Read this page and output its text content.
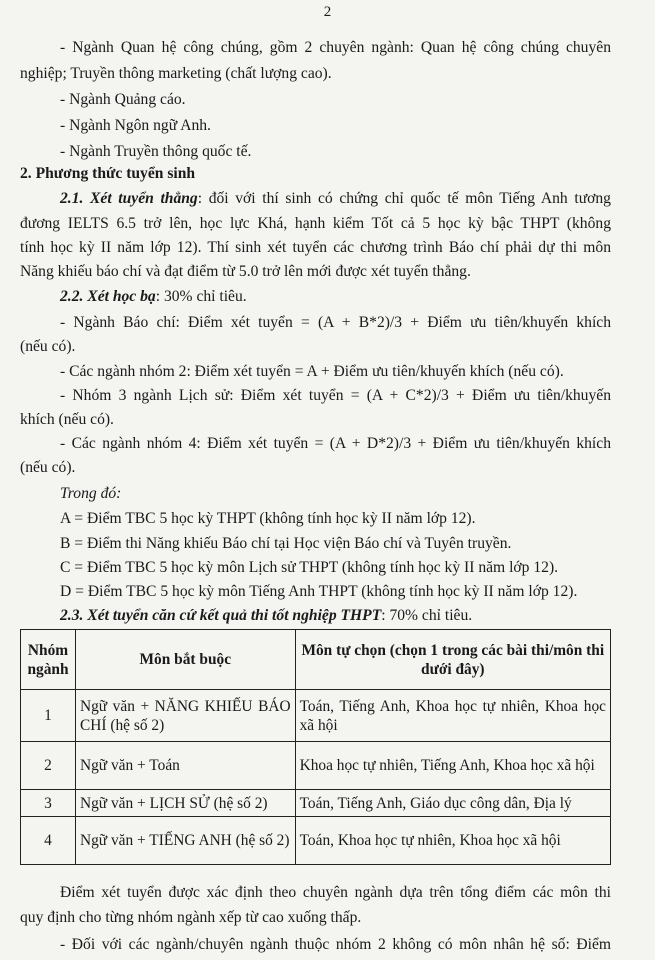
2
- Ngành Quan hệ công chúng, gồm 2 chuyên ngành: Quan hệ công chúng chuyên
nghiệp; Truyền thông marketing (chất lượng cao).
- Ngành Quảng cáo.
- Ngành Ngôn ngữ Anh.
- Ngành Truyền thông quốc tế.
2. Phương thức tuyển sinh
2.1. Xét tuyển thẳng: đối với thí sinh có chứng chỉ quốc tế môn Tiếng Anh tương
đương IELTS 6.5 trở lên, học lực Khá, hạnh kiểm Tốt cả 5 học kỳ bậc THPT (không
tính học kỳ II năm lớp 12). Thí sinh xét tuyển các chương trình Báo chí phải dự thi môn
Năng khiếu báo chí và đạt điểm từ 5.0 trở lên mới được xét tuyển thẳng.
2.2. Xét học bạ: 30% chỉ tiêu.
- Ngành Báo chí: Điểm xét tuyển = (A + B*2)/3 + Điểm ưu tiên/khuyến khích
(nếu có).
- Các ngành nhóm 2: Điểm xét tuyển = A + Điểm ưu tiên/khuyến khích (nếu có).
- Nhóm 3 ngành Lịch sử: Điểm xét tuyển = (A + C*2)/3 + Điểm ưu tiên/khuyến
khích (nếu có).
- Các ngành nhóm 4: Điểm xét tuyển = (A + D*2)/3 + Điểm ưu tiên/khuyến khích
(nếu có).
Trong đó:
A = Điểm TBC 5 học kỳ THPT (không tính học kỳ II năm lớp 12).
B = Điểm thi Năng khiếu Báo chí tại Học viện Báo chí và Tuyên truyền.
C = Điểm TBC 5 học kỳ môn Lịch sử THPT (không tính học kỳ II năm lớp 12).
D = Điểm TBC 5 học kỳ môn Tiếng Anh THPT (không tính học kỳ II năm lớp 12).
2.3. Xét tuyển căn cứ kết quả thi tốt nghiệp THPT: 70% chỉ tiêu.
Nhóm ngành	Môn bắt buộc	Môn tự chọn (chọn 1 trong các bài thi/môn thi dưới đây)
1	Ngữ văn + NĂNG KHIẾU BÁO CHÍ (hệ số 2)	Toán, Tiếng Anh, Khoa học tự nhiên, Khoa học xã hội
2	Ngữ văn + Toán	Khoa học tự nhiên, Tiếng Anh, Khoa học xã hội
3	Ngữ văn + LỊCH SỬ (hệ số 2)	Toán, Tiếng Anh, Giáo dục công dân, Địa lý
4	Ngữ văn + TIẾNG ANH (hệ số 2)	Toán, Khoa học tự nhiên, Khoa học xã hội
Điểm xét tuyển được xác định theo chuyên ngành dựa trên tổng điểm các môn thi
quy định cho từng nhóm ngành xếp từ cao xuống thấp.
- Đối với các ngành/chuyên ngành thuộc nhóm 2 không có môn nhân hệ số: Điểm
